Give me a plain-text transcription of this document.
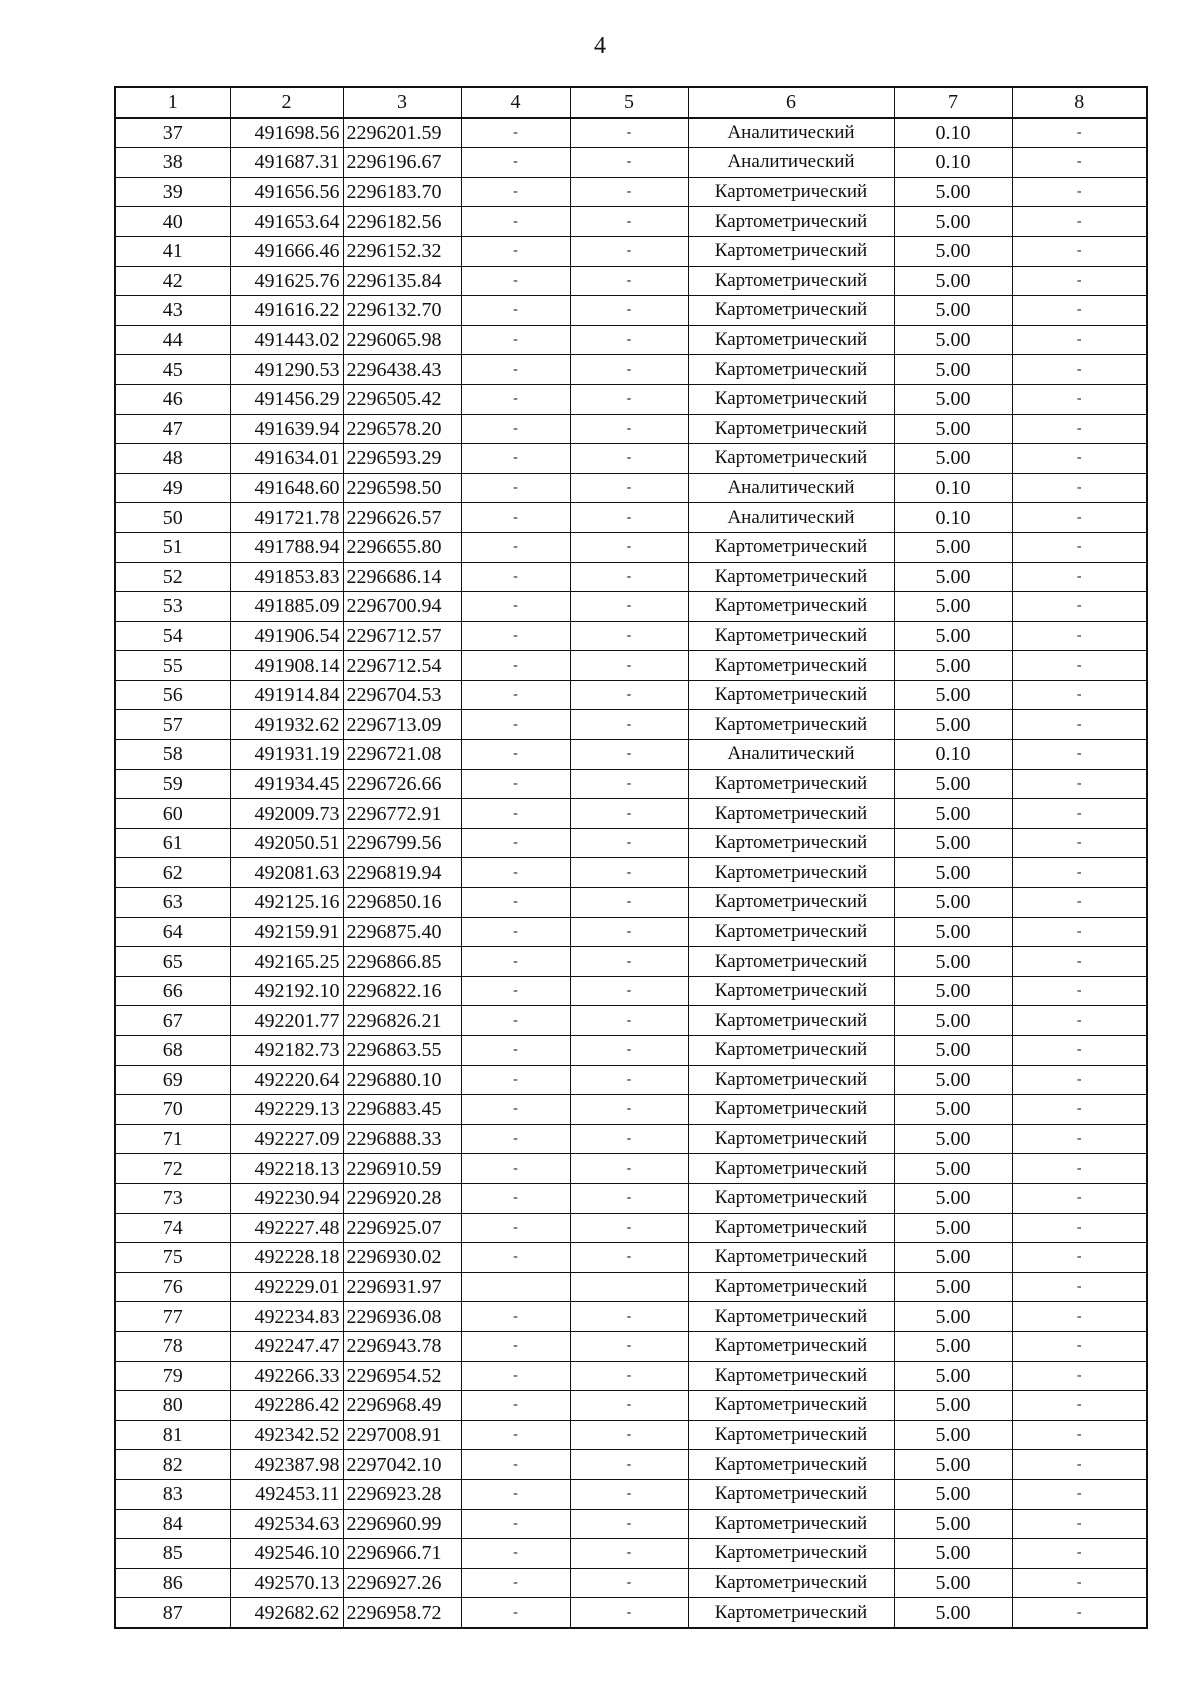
4
1	2	3	4	5	6	7	8
37	491698.56	2296201.59	-	-	Аналитический	0.10	-
38	491687.31	2296196.67	-	-	Аналитический	0.10	-
39	491656.56	2296183.70	-	-	Картометрический	5.00	-
40	491653.64	2296182.56	-	-	Картометрический	5.00	-
41	491666.46	2296152.32	-	-	Картометрический	5.00	-
42	491625.76	2296135.84	-	-	Картометрический	5.00	-
43	491616.22	2296132.70	-	-	Картометрический	5.00	-
44	491443.02	2296065.98	-	-	Картометрический	5.00	-
45	491290.53	2296438.43	-	-	Картометрический	5.00	-
46	491456.29	2296505.42	-	-	Картометрический	5.00	-
47	491639.94	2296578.20	-	-	Картометрический	5.00	-
48	491634.01	2296593.29	-	-	Картометрический	5.00	-
49	491648.60	2296598.50	-	-	Аналитический	0.10	-
50	491721.78	2296626.57	-	-	Аналитический	0.10	-
51	491788.94	2296655.80	-	-	Картометрический	5.00	-
52	491853.83	2296686.14	-	-	Картометрический	5.00	-
53	491885.09	2296700.94	-	-	Картометрический	5.00	-
54	491906.54	2296712.57	-	-	Картометрический	5.00	-
55	491908.14	2296712.54	-	-	Картометрический	5.00	-
56	491914.84	2296704.53	-	-	Картометрический	5.00	-
57	491932.62	2296713.09	-	-	Картометрический	5.00	-
58	491931.19	2296721.08	-	-	Аналитический	0.10	-
59	491934.45	2296726.66	-	-	Картометрический	5.00	-
60	492009.73	2296772.91	-	-	Картометрический	5.00	-
61	492050.51	2296799.56	-	-	Картометрический	5.00	-
62	492081.63	2296819.94	-	-	Картометрический	5.00	-
63	492125.16	2296850.16	-	-	Картометрический	5.00	-
64	492159.91	2296875.40	-	-	Картометрический	5.00	-
65	492165.25	2296866.85	-	-	Картометрический	5.00	-
66	492192.10	2296822.16	-	-	Картометрический	5.00	-
67	492201.77	2296826.21	-	-	Картометрический	5.00	-
68	492182.73	2296863.55	-	-	Картометрический	5.00	-
69	492220.64	2296880.10	-	-	Картометрический	5.00	-
70	492229.13	2296883.45	-	-	Картометрический	5.00	-
71	492227.09	2296888.33	-	-	Картометрический	5.00	-
72	492218.13	2296910.59	-	-	Картометрический	5.00	-
73	492230.94	2296920.28	-	-	Картометрический	5.00	-
74	492227.48	2296925.07	-	-	Картометрический	5.00	-
75	492228.18	2296930.02	-	-	Картометрический	5.00	-
76	492229.01	2296931.97			Картометрический	5.00	-
77	492234.83	2296936.08	-	-	Картометрический	5.00	-
78	492247.47	2296943.78	-	-	Картометрический	5.00	-
79	492266.33	2296954.52	-	-	Картометрический	5.00	-
80	492286.42	2296968.49	-	-	Картометрический	5.00	-
81	492342.52	2297008.91	-	-	Картометрический	5.00	-
82	492387.98	2297042.10	-	-	Картометрический	5.00	-
83	492453.11	2296923.28	-	-	Картометрический	5.00	-
84	492534.63	2296960.99	-	-	Картометрический	5.00	-
85	492546.10	2296966.71	-	-	Картометрический	5.00	-
86	492570.13	2296927.26	-	-	Картометрический	5.00	-
87	492682.62	2296958.72	-	-	Картометрический	5.00	-
